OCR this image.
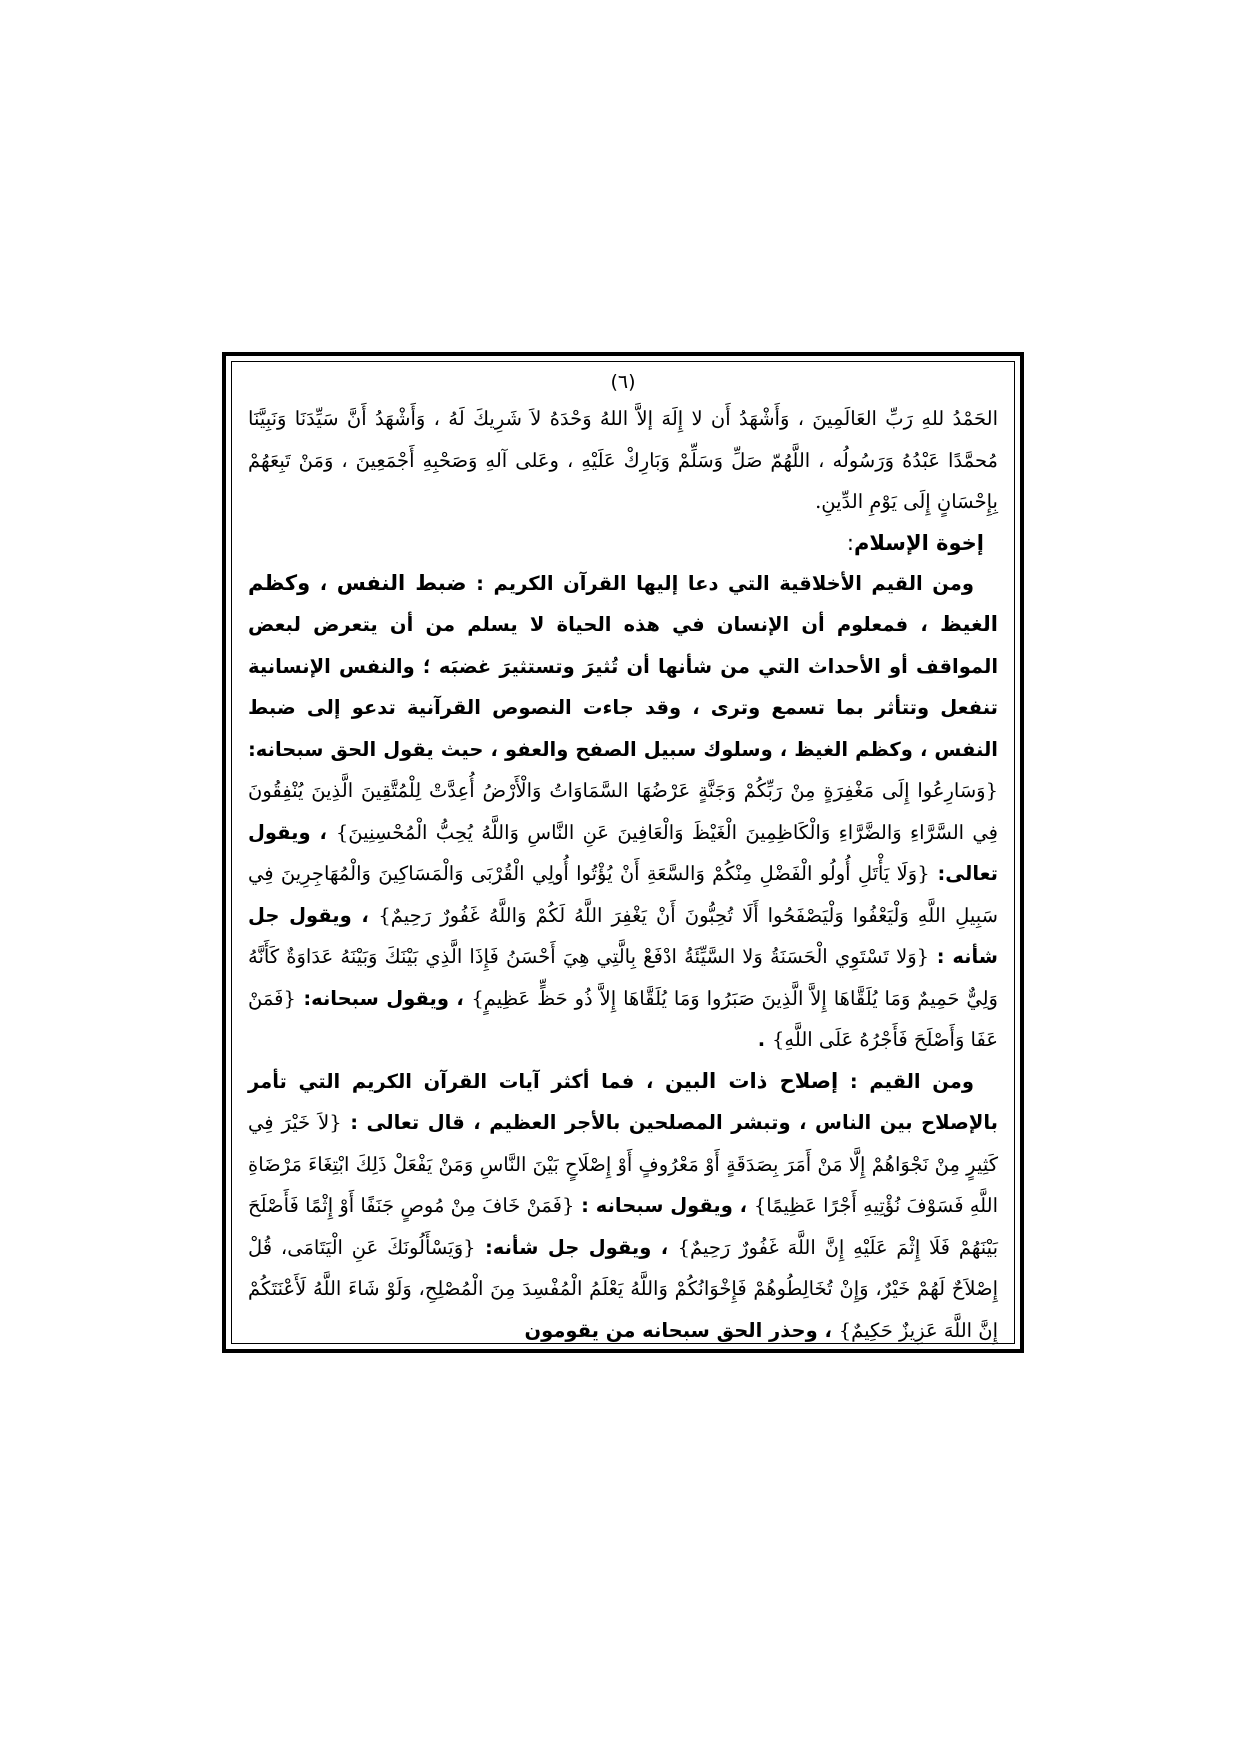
(٦)

الحَمْدُ للهِ رَبِّ العَالَمِينَ ، وَأَشْهَدُ أَن لا إِلَهَ إلاَّ اللهُ وَحْدَهُ لاَ شَرِيكَ لَهُ ، وَأَشْهَدُ أَنَّ سَيِّدَنَا وَنَبِيَّنَا مُحمَّدًا عَبْدُهُ وَرَسُولُه ، اللَّهُمّ صَلِّ وَسَلِّمْ وَبَارِكْ عَلَيْهِ ، وعَلى آلهِ وَصَحْبِهِ أَجْمَعِينَ ، وَمَنْ تَبِعَهُمْ بِإِحْسَانٍ إِلَى يَوْمِ الدِّينِ.

إخوة الإسلام:

ومن القيم الأخلاقية التي دعا إليها القرآن الكريم : ضبط النفس ، وكظم الغيظ ، فمعلوم أن الإنسان في هذه الحياة لا يسلم من أن يتعرض لبعض المواقف أو الأحداث التي من شأنها أن تُثيرَ وتستثيرَ غضبَه ؛ والنفس الإنسانية تنفعل وتتأثر بما تسمع وترى ، وقد جاءت النصوص القرآنية تدعو إلى ضبط النفس ، وكظم الغيظ ، وسلوك سبيل الصفح والعفو ، حيث يقول الحق سبحانه: {وَسَارِعُوا إِلَى مَغْفِرَةٍ مِنْ رَبِّكُمْ وَجَنَّةٍ عَرْضُهَا السَّمَاوَاتُ وَالْأَرْضُ أُعِدَّتْ لِلْمُتَّقِينَ الَّذِينَ يُنْفِقُونَ فِي السَّرَّاءِ وَالضَّرَّاءِ وَالْكَاظِمِينَ الْغَيْظَ وَالْعَافِينَ عَنِ النَّاسِ وَاللَّهُ يُحِبُّ الْمُحْسِنِينَ} ، ويقول تعالى: {وَلَا يَأْتَلِ أُولُو الْفَضْلِ مِنْكُمْ وَالسَّعَةِ أَنْ يُؤْتُوا أُولِي الْقُرْبَى وَالْمَسَاكِينَ وَالْمُهَاجِرِينَ فِي سَبِيلِ اللَّهِ وَلْيَعْفُوا وَلْيَصْفَحُوا أَلَا تُحِبُّونَ أَنْ يَغْفِرَ اللَّهُ لَكُمْ وَاللَّهُ غَفُورٌ رَحِيمٌ} ، ويقول جل شأنه : {وَلا تَسْتَوِي الْحَسَنَةُ وَلا السَّيِّئَةُ ادْفَعْ بِالَّتِي هِيَ أَحْسَنُ فَإِذَا الَّذِي بَيْنَكَ وَبَيْنَهُ عَدَاوَةٌ كَأَنَّهُ وَلِيٌّ حَمِيمٌ وَمَا يُلَقَّاهَا إِلاَّ الَّذِينَ صَبَرُوا وَمَا يُلَقَّاهَا إِلاَّ ذُو حَظٍّ عَظِيمٍ} ، ويقول سبحانه: {فَمَنْ عَفَا وَأَصْلَحَ فَأَجْرُهُ عَلَى اللَّهِ} .

ومن القيم : إصلاح ذات البين ، فما أكثر آيات القرآن الكريم التي تأمر بالإصلاح بين الناس ، وتبشر المصلحين بالأجر العظيم ، قال تعالى : {لاَ خَيْرَ فِي كَثِيرٍ مِنْ نَجْوَاهُمْ إِلَّا مَنْ أَمَرَ بِصَدَقَةٍ أَوْ مَعْرُوفٍ أَوْ إِصْلَاحٍ بَيْنَ النَّاسِ وَمَنْ يَفْعَلْ ذَلِكَ ابْتِغَاءَ مَرْضَاةِ اللَّهِ فَسَوْفَ نُؤْتِيهِ أَجْرًا عَظِيمًا} ، ويقول سبحانه : {فَمَنْ خَافَ مِنْ مُوصٍ جَنَفًا أَوْ إِثْمًا فَأَصْلَحَ بَيْنَهُمْ فَلَا إِثْمَ عَلَيْهِ إِنَّ اللَّهَ غَفُورٌ رَحِيمٌ} ، ويقول جل شأنه: {وَيَسْأَلُونَكَ عَنِ الْيَتَامَى، قُلْ إِصْلاَحٌ لَهُمْ خَيْرٌ، وَإِنْ تُخَالِطُوهُمْ فَإِخْوَانُكُمْ وَاللَّهُ يَعْلَمُ الْمُفْسِدَ مِنَ الْمُصْلِحِ، وَلَوْ شَاءَ اللَّهُ لَأَعْنَتَكُمْ إِنَّ اللَّهَ عَزِيزٌ حَكِيمٌ} ، وحذر الحق سبحانه من يقومون
